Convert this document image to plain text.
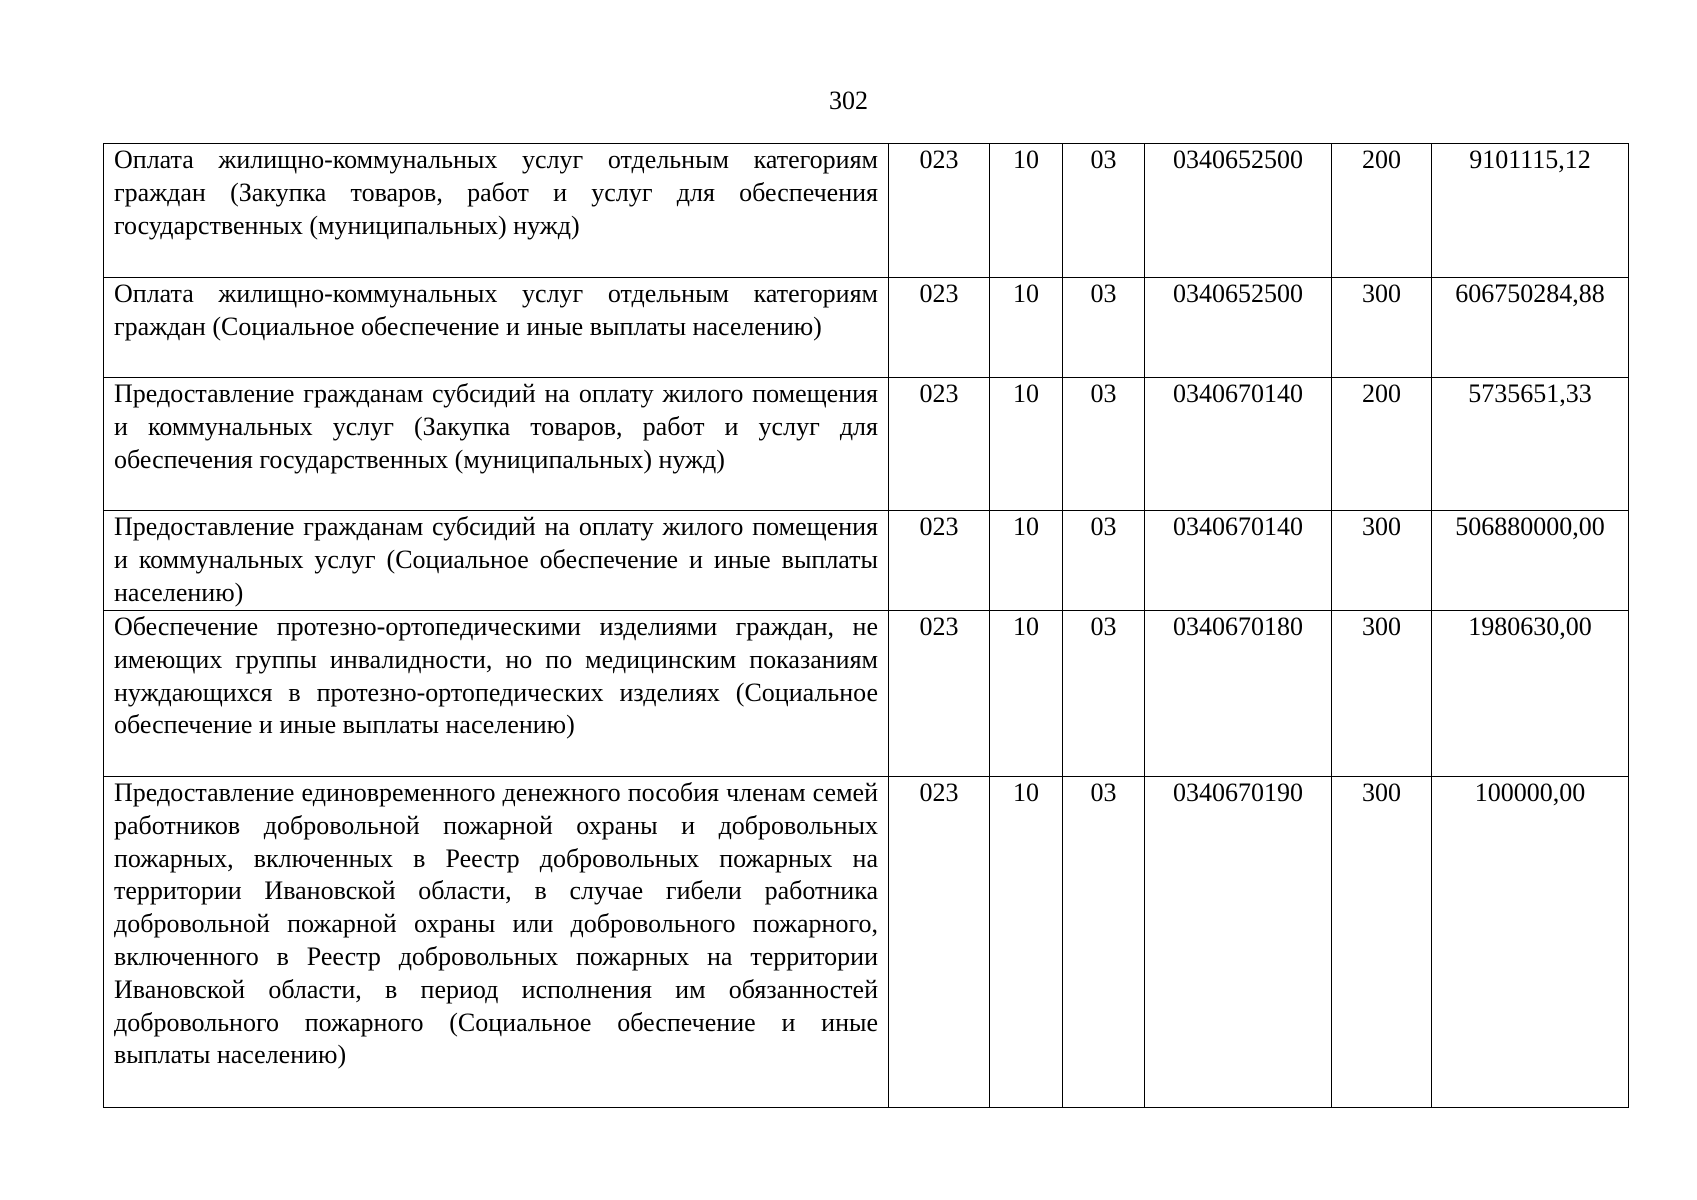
302
Оплата жилищно-коммунальных услуг отдельным категориям граждан (Закупка товаров, работ и услуг для обеспечения государственных (муниципальных) нужд)	023	10	03	0340652500	200	9101115,12
Оплата жилищно-коммунальных услуг отдельным категориям граждан (Социальное обеспечение и иные выплаты населению)	023	10	03	0340652500	300	606750284,88
Предоставление гражданам субсидий на оплату жилого помещения и коммунальных услуг (Закупка товаров, работ и услуг для обеспечения государственных (муниципальных) нужд)	023	10	03	0340670140	200	5735651,33
Предоставление гражданам субсидий на оплату жилого помещения и коммунальных услуг (Социальное обеспечение и иные выплаты населению)	023	10	03	0340670140	300	506880000,00
Обеспечение протезно-ортопедическими изделиями граждан, не имеющих группы инвалидности, но по медицинским показаниям нуждающихся в протезно-ортопедических изделиях (Социальное обеспечение и иные выплаты населению)	023	10	03	0340670180	300	1980630,00
Предоставление единовременного денежного пособия членам семей работников добровольной пожарной охраны и добровольных пожарных, включенных в Реестр добровольных пожарных на территории Ивановской области, в случае гибели работника добровольной пожарной охраны или добровольного пожарного, включенного в Реестр добровольных пожарных на территории Ивановской области, в период исполнения им обязанностей добровольного пожарного (Социальное обеспечение и иные выплаты населению)	023	10	03	0340670190	300	100000,00
